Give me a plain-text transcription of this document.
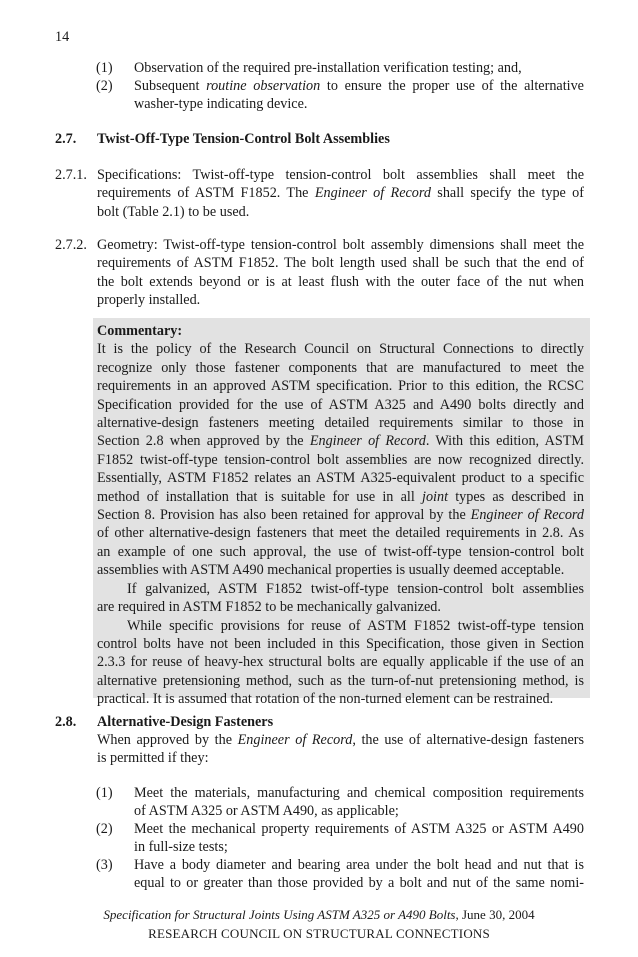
14
(1) Observation of the required pre-installation verification testing; and,
(2) Subsequent routine observation to ensure the proper use of the alternative
washer-type indicating device.
2.7. Twist-Off-Type Tension-Control Bolt Assemblies
2.7.1. Specifications: Twist-off-type tension-control bolt assemblies shall meet the
requirements of ASTM F1852. The Engineer of Record shall specify the type of
bolt (Table 2.1) to be used.
2.7.2. Geometry: Twist-off-type tension-control bolt assembly dimensions shall meet the
requirements of ASTM F1852. The bolt length used shall be such that the end of
the bolt extends beyond or is at least flush with the outer face of the nut when
properly installed.
Commentary:
It is the policy of the Research Council on Structural Connections to directly
recognize only those fastener components that are manufactured to meet the
requirements in an approved ASTM specification. Prior to this edition, the RCSC
Specification provided for the use of ASTM A325 and A490 bolts directly and
alternative-design fasteners meeting detailed requirements similar to those in
Section 2.8 when approved by the Engineer of Record. With this edition, ASTM
F1852 twist-off-type tension-control bolt assemblies are now recognized directly.
Essentially, ASTM F1852 relates an ASTM A325-equivalent product to a specific
method of installation that is suitable for use in all joint types as described in
Section 8. Provision has also been retained for approval by the Engineer of Record
of other alternative-design fasteners that meet the detailed requirements in 2.8. As
an example of one such approval, the use of twist-off-type tension-control bolt
assemblies with ASTM A490 mechanical properties is usually deemed acceptable.
If galvanized, ASTM F1852 twist-off-type tension-control bolt assemblies
are required in ASTM F1852 to be mechanically galvanized.
While specific provisions for reuse of ASTM F1852 twist-off-type tension
control bolts have not been included in this Specification, those given in Section
2.3.3 for reuse of heavy-hex structural bolts are equally applicable if the use of an
alternative pretensioning method, such as the turn-of-nut pretensioning method, is
practical. It is assumed that rotation of the non-turned element can be restrained.
2.8. Alternative-Design Fasteners
When approved by the Engineer of Record, the use of alternative-design fasteners
is permitted if they:
(1) Meet the materials, manufacturing and chemical composition requirements
of ASTM A325 or ASTM A490, as applicable;
(2) Meet the mechanical property requirements of ASTM A325 or ASTM A490
in full-size tests;
(3) Have a body diameter and bearing area under the bolt head and nut that is
equal to or greater than those provided by a bolt and nut of the same nomi-
Specification for Structural Joints Using ASTM A325 or A490 Bolts, June 30, 2004
RESEARCH COUNCIL ON STRUCTURAL CONNECTIONS
